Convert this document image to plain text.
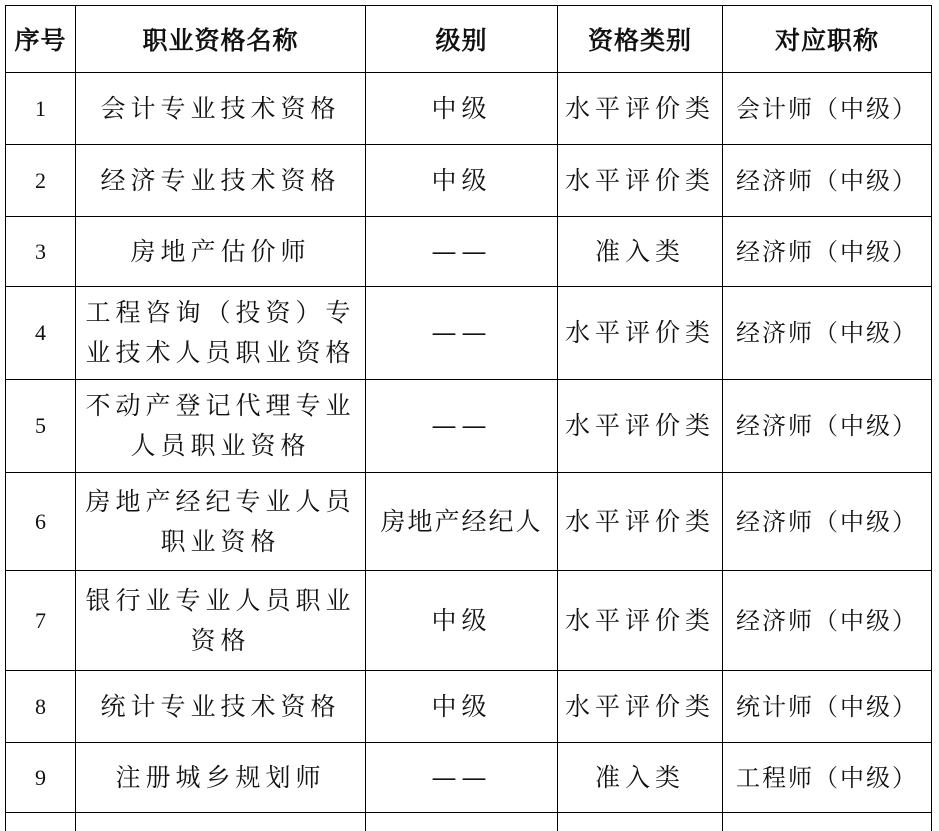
序号	职业资格名称	级别	资格类别	对应职称
1	会计专业技术资格	中级	水平评价类	会计师（中级）
2	经济专业技术资格	中级	水平评价类	经济师（中级）
3	房地产估价师	——	准入类	经济师（中级）
4	工程咨询（投资）专业技术人员职业资格	——	水平评价类	经济师（中级）
5	不动产登记代理专业人员职业资格	——	水平评价类	经济师（中级）
6	房地产经纪专业人员职业资格	房地产经纪人	水平评价类	经济师（中级）
7	银行业专业人员职业资格	中级	水平评价类	经济师（中级）
8	统计专业技术资格	中级	水平评价类	统计师（中级）
9	注册城乡规划师	——	准入类	工程师（中级）
